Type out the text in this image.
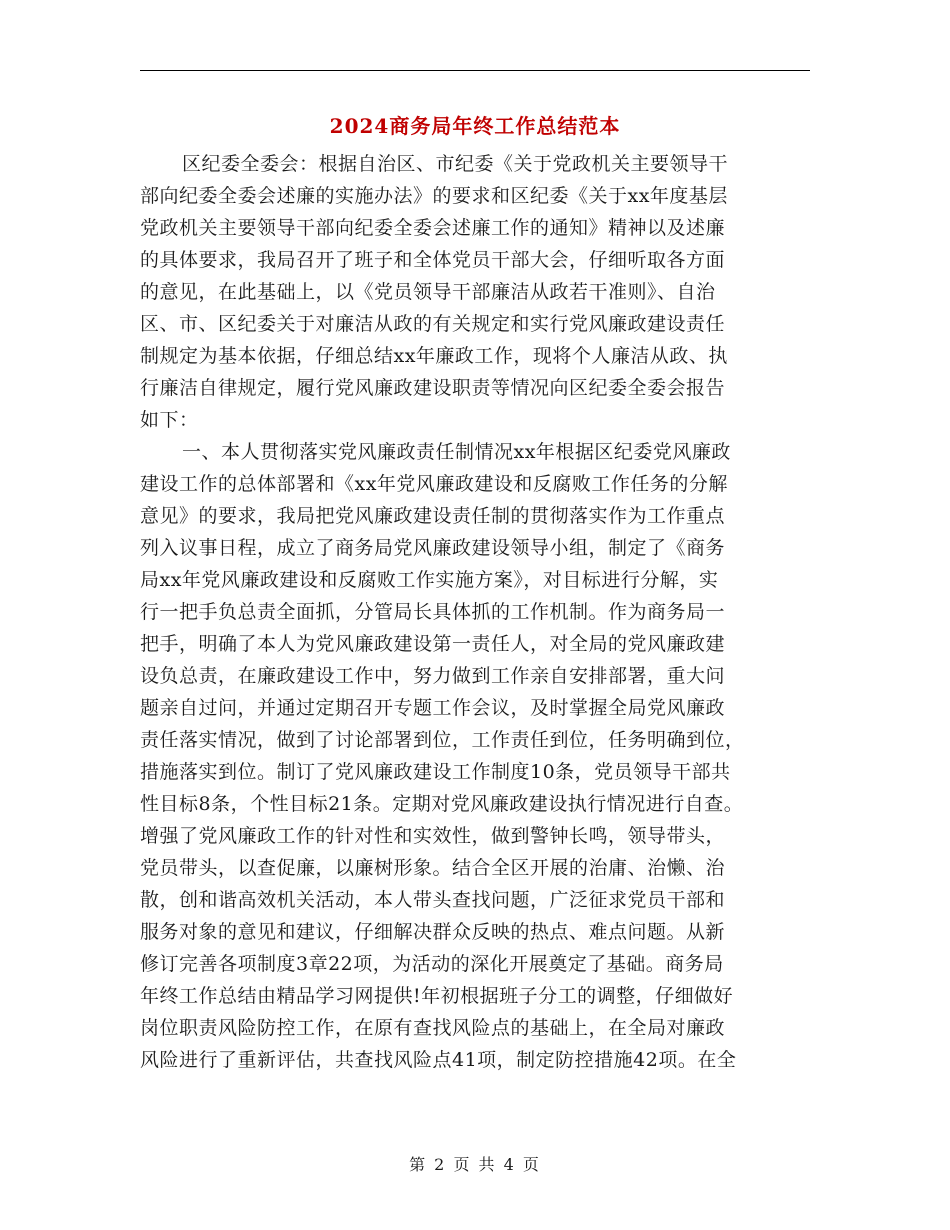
2024商务局年终工作总结范本
区纪委全委会：根据自治区、市纪委《关于党政机关主要领导干
部向纪委全委会述廉的实施办法》的要求和区纪委《关于xx年度基层
党政机关主要领导干部向纪委全委会述廉工作的通知》精神以及述廉
的具体要求，我局召开了班子和全体党员干部大会，仔细听取各方面
的意见，在此基础上，以《党员领导干部廉洁从政若干准则》、自治
区、市、区纪委关于对廉洁从政的有关规定和实行党风廉政建设责任
制规定为基本依据，仔细总结xx年廉政工作，现将个人廉洁从政、执
行廉洁自律规定，履行党风廉政建设职责等情况向区纪委全委会报告
如下：
一、本人贯彻落实党风廉政责任制情况xx年根据区纪委党风廉政
建设工作的总体部署和《xx年党风廉政建设和反腐败工作任务的分解
意见》的要求，我局把党风廉政建设责任制的贯彻落实作为工作重点
列入议事日程，成立了商务局党风廉政建设领导小组，制定了《商务
局xx年党风廉政建设和反腐败工作实施方案》，对目标进行分解，实
行一把手负总责全面抓，分管局长具体抓的工作机制。作为商务局一
把手，明确了本人为党风廉政建设第一责任人，对全局的党风廉政建
设负总责，在廉政建设工作中，努力做到工作亲自安排部署，重大问
题亲自过问，并通过定期召开专题工作会议，及时掌握全局党风廉政
责任落实情况，做到了讨论部署到位，工作责任到位，任务明确到位，
措施落实到位。制订了党风廉政建设工作制度10条，党员领导干部共
性目标8条，个性目标21条。定期对党风廉政建设执行情况进行自查。
增强了党风廉政工作的针对性和实效性，做到警钟长鸣，领导带头，
党员带头，以查促廉，以廉树形象。结合全区开展的治庸、治懒、治
散，创和谐高效机关活动，本人带头查找问题，广泛征求党员干部和
服务对象的意见和建议，仔细解决群众反映的热点、难点问题。从新
修订完善各项制度3章22项，为活动的深化开展奠定了基础。商务局
年终工作总结由精品学习网提供!年初根据班子分工的调整，仔细做好
岗位职责风险防控工作，在原有查找风险点的基础上，在全局对廉政
风险进行了重新评估，共查找风险点41项，制定防控措施42项。在全
第 2 页 共 4 页
